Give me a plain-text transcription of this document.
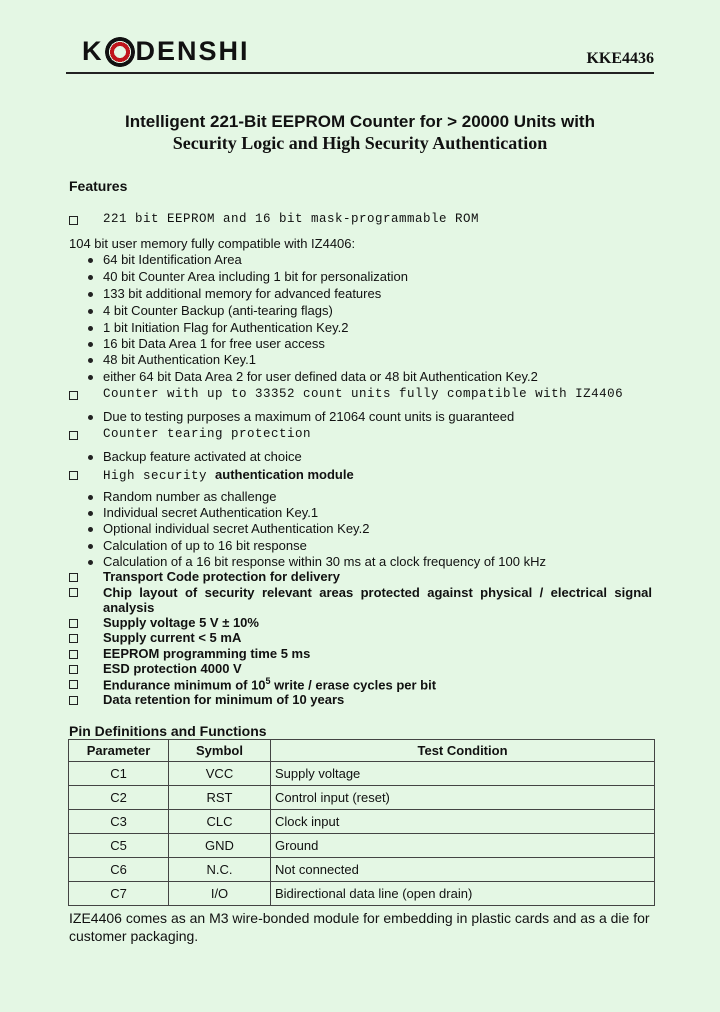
K DENSHI	KKE4436
Intelligent 221-Bit EEPROM Counter for > 20000 Units with
Security Logic and High Security Authentication
Features
221 bit EEPROM and 16 bit mask-programmable ROM
104 bit user memory fully compatible with IZ4406:
64 bit Identification Area
40 bit Counter Area including 1 bit for personalization
133 bit additional memory for advanced features
4 bit Counter Backup (anti-tearing flags)
1 bit Initiation Flag for Authentication Key.2
16 bit Data Area 1 for free user access
48 bit Authentication Key.1
either 64 bit Data Area 2 for user defined data or 48 bit Authentication Key.2
Counter with up to 33352 count units fully compatible with IZ4406
Due to testing purposes a maximum of 21064 count units is guaranteed
Counter tearing protection
Backup feature activated at choice
High security authentication module
Random number as challenge
Individual secret Authentication Key.1
Optional individual secret Authentication Key.2
Calculation of up to 16 bit response
Calculation of a 16 bit response within 30 ms at a clock frequency of 100 kHz
Transport Code protection for delivery
Chip layout of security relevant areas protected against physical / electrical signal analysis
Supply voltage 5 V ± 10%
Supply current < 5 mA
EEPROM programming time 5 ms
ESD protection 4000 V
Endurance minimum of $10^5$ write / erase cycles per bit
Data retention for minimum of 10 years
Pin Definitions and Functions
Parameter	Symbol	Test Condition
C1	VCC	Supply voltage
C2	RST	Control input (reset)
C3	CLC	Clock input
C5	GND	Ground
C6	N.C.	Not connected
C7	I/O	Bidirectional data line (open drain)
IZE4406 comes as an M3 wire-bonded module for embedding in plastic cards and as a die for customer packaging.
